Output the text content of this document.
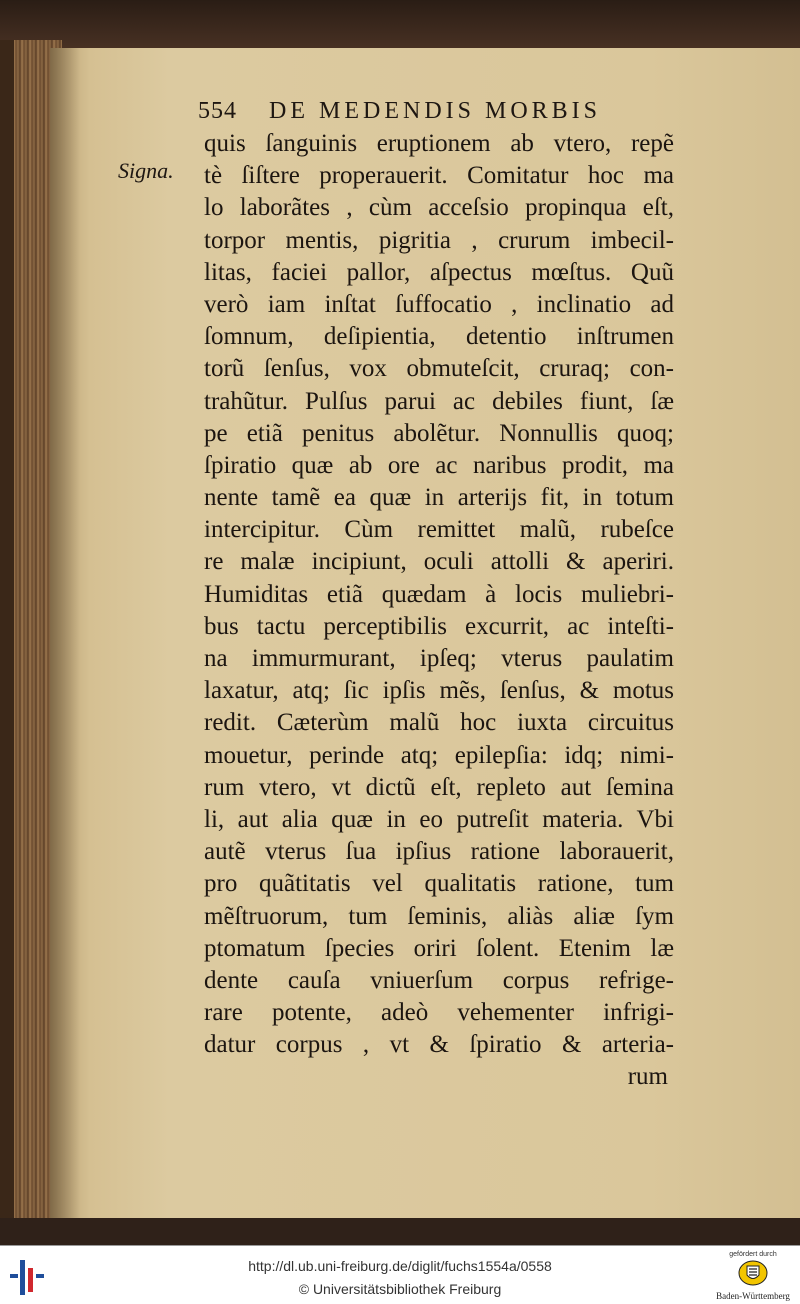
554 DE MEDENDIS MORBIS
Signa.
quis ſanguinis eruptionem ab vtero, repẽ
tè ſiſtere properauerit. Comitatur hoc ma
lo laborãtes , cùm acceſsio propinqua eſt,
torpor mentis, pigritia , crurum imbecil-
litas, faciei pallor, aſpectus mœſtus. Quũ
verò iam inſtat ſuffocatio , inclinatio ad
ſomnum, deſipientia, detentio inſtrumen
torũ ſenſus, vox obmuteſcit, cruraq; con-
trahũtur. Pulſus parui ac debiles fiunt, ſæ
pe etiã penitus abolẽtur. Nonnullis quoq;
ſpiratio quæ ab ore ac naribus prodit, ma
nente tamẽ ea quæ in arterijs fit, in totum
intercipitur. Cùm remittet malũ, rubeſce
re malæ incipiunt, oculi attolli & aperiri.
Humiditas etiã quædam à locis muliebri-
bus tactu perceptibilis excurrit, ac inteſti-
na immurmurant, ipſeq; vterus paulatim
laxatur, atq; ſic ipſis mẽs, ſenſus, & motus
redit. Cæterùm malũ hoc iuxta circuitus
mouetur, perinde atq; epilepſia: idq; nimi-
rum vtero, vt dictũ eſt, repleto aut ſemina
li, aut alia quæ in eo putreſit materia. Vbi
autẽ vterus ſua ipſius ratione laborauerit,
pro quãtitatis vel qualitatis ratione, tum
mẽſtruorum, tum ſeminis, aliàs aliæ ſym
ptomatum ſpecies oriri ſolent. Etenim læ
dente cauſa vniuerſum corpus refrige-
rare potente, adeò vehementer infrigi-
datur corpus , vt & ſpiratio & arteria-
rum
http://dl.ub.uni-freiburg.de/diglit/fuchs1554a/0558
© Universitätsbibliothek Freiburg
gefördert durch
Baden-Württemberg
